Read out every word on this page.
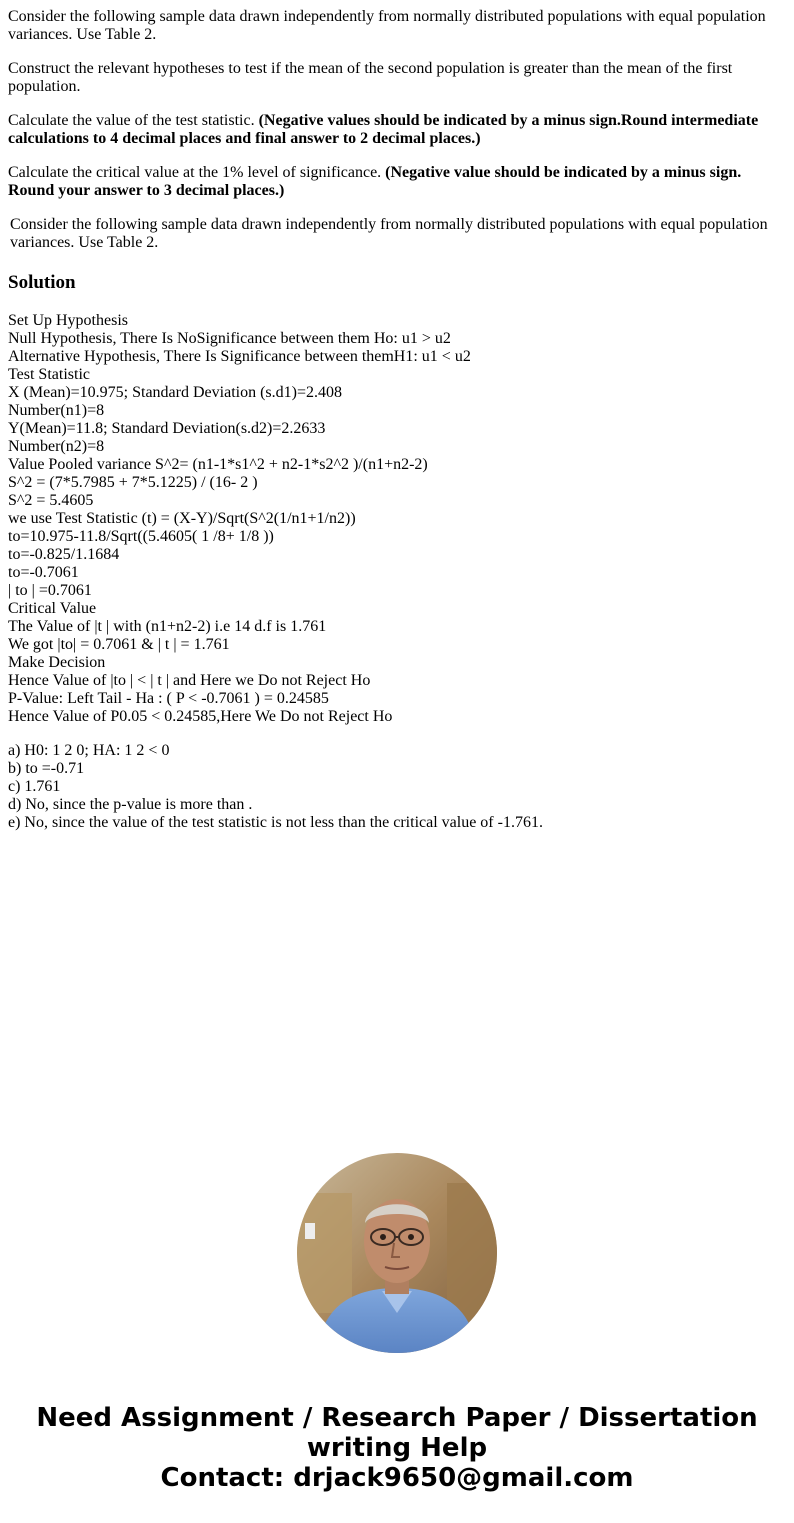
Consider the following sample data drawn independently from normally distributed populations with equal population variances. Use Table 2.

Construct the relevant hypotheses to test if the mean of the second population is greater than the mean of the first population.

Calculate the value of the test statistic. (Negative values should be indicated by a minus sign.Round intermediate calculations to 4 decimal places and final answer to 2 decimal places.)

Calculate the critical value at the 1% level of significance. (Negative value should be indicated by a minus sign. Round your answer to 3 decimal places.)

Consider the following sample data drawn independently from normally distributed populations with equal population variances. Use Table 2.
Solution
Set Up Hypothesis
Null Hypothesis, There Is NoSignificance between them Ho: u1 > u2
Alternative Hypothesis, There Is Significance between themH1: u1 < u2
Test Statistic
X (Mean)=10.975; Standard Deviation (s.d1)=2.408
Number(n1)=8
Y(Mean)=11.8; Standard Deviation(s.d2)=2.2633
Number(n2)=8
Value Pooled variance S^2= (n1-1*s1^2 + n2-1*s2^2 )/(n1+n2-2)
S^2 = (7*5.7985 + 7*5.1225) / (16- 2 )
S^2 = 5.4605
we use Test Statistic (t) = (X-Y)/Sqrt(S^2(1/n1+1/n2))
to=10.975-11.8/Sqrt((5.4605( 1 /8+ 1/8 ))
to=-0.825/1.1684
to=-0.7061
| to | =0.7061
Critical Value
The Value of |t | with (n1+n2-2) i.e 14 d.f is 1.761
We got |to| = 0.7061 & | t | = 1.761
Make Decision
Hence Value of |to | < | t | and Here we Do not Reject Ho
P-Value: Left Tail - Ha : ( P < -0.7061 ) = 0.24585
Hence Value of P0.05 < 0.24585,Here We Do not Reject Ho
a) H0: 1 2 0; HA: 1 2 < 0
b) to =-0.71
c) 1.761
d) No, since the p-value is more than .
e) No, since the value of the test statistic is not less than the critical value of -1.761.
Need Assignment / Research Paper / Dissertation
writing Help
Contact: drjack9650@gmail.com
